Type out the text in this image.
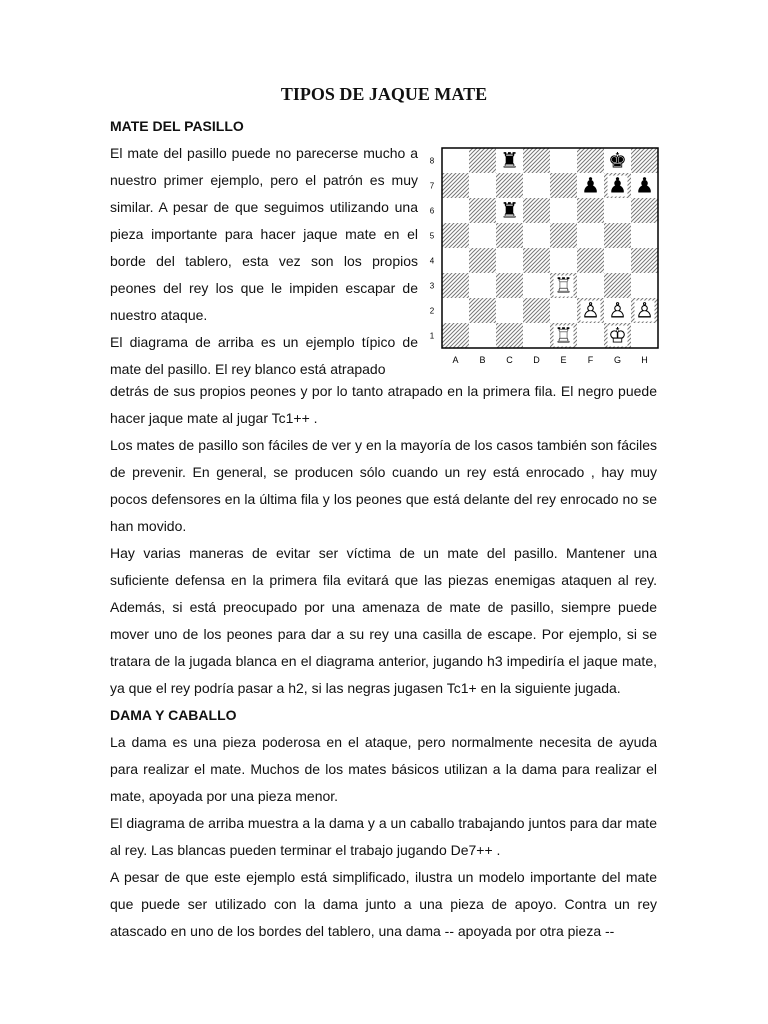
TIPOS DE JAQUE MATE

MATE DEL PASILLO

El mate del pasillo puede no parecerse mucho a nuestro primer ejemplo, pero el patrón es muy similar. A pesar de que seguimos utilizando una pieza importante para hacer jaque mate en el borde del tablero, esta vez son los propios peones del rey los que le impiden escapar de nuestro ataque.

El diagrama de arriba es un ejemplo típico de mate del pasillo. El rey blanco está atrapado

8
7
6
5
4
3
2
1
A B C D E F G H
♜	♚
♟ ♟ ♟
♜
♖
♙ ♙ ♙
♖ ♔

detrás de sus propios peones y por lo tanto atrapado en la primera fila. El negro puede hacer jaque mate al jugar Tc1++ .

Los mates de pasillo son fáciles de ver y en la mayoría de los casos también son fáciles de prevenir. En general, se producen sólo cuando un rey está enrocado , hay muy pocos defensores en la última fila y los peones que está delante del rey enrocado no se han movido.

Hay varias maneras de evitar ser víctima de un mate del pasillo. Mantener una suficiente defensa en la primera fila evitará que las piezas enemigas ataquen al rey. Además, si está preocupado por una amenaza de mate de pasillo, siempre puede mover uno de los peones para dar a su rey una casilla de escape. Por ejemplo, si se tratara de la jugada blanca en el diagrama anterior, jugando h3 impediría el jaque mate, ya que el rey podría pasar a h2, si las negras jugasen Tc1+ en la siguiente jugada.

DAMA Y CABALLO

La dama es una pieza poderosa en el ataque, pero normalmente necesita de ayuda para realizar el mate. Muchos de los mates básicos utilizan a la dama para realizar el mate, apoyada por una pieza menor.

El diagrama de arriba muestra a la dama y a un caballo trabajando juntos para dar mate al rey. Las blancas pueden terminar el trabajo jugando De7++ .

A pesar de que este ejemplo está simplificado, ilustra un modelo importante del mate que puede ser utilizado con la dama junto a una pieza de apoyo. Contra un rey atascado en uno de los bordes del tablero, una dama -- apoyada por otra pieza --
